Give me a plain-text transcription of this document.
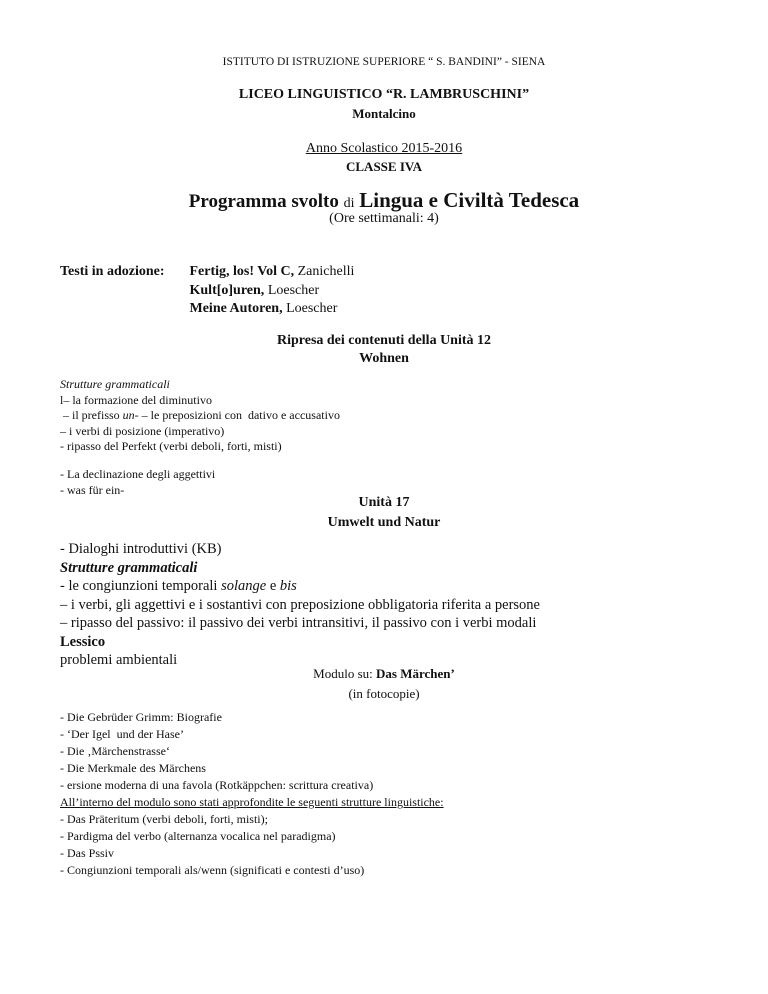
ISTITUTO DI ISTRUZIONE SUPERIORE “ S. BANDINI” - SIENA
LICEO LINGUISTICO “R. LAMBRUSCHINI”
Montalcino
Anno Scolastico 2015-2016
CLASSE IVA
Programma svolto di Lingua e Civiltà Tedesca
(Ore settimanali: 4)
Testi in adozione: Fertig, los! Vol C, Zanichelli
Kult[o]uren, Loescher
Meine Autoren, Loescher
Ripresa dei contenuti della Unità 12
Wohnen
Strutture grammaticali
l– la formazione del diminutivo
– il prefisso un- – le preposizioni con  dativo e accusativo
– i verbi di posizione (imperativo)
- ripasso del Perfekt (verbi deboli, forti, misti)
- La declinazione degli aggettivi
- was für ein-
Unità 17
Umwelt und Natur
- Dialoghi introduttivi (KB)
Strutture grammaticali
- le congiunzioni temporali solange e bis
– i verbi, gli aggettivi e i sostantivi con preposizione obbligatoria riferita a persone
– ripasso del passivo: il passivo dei verbi intransitivi, il passivo con i verbi modali
Lessico
problemi ambientali
Modulo su: Das Märchen’
(in fotocopie)
- Die Gebrüder Grimm: Biografie
- ‘Der Igel  und der Hase’
- Die ‚Märchenstrasse‘
- Die Merkmale des Märchens
- ersione moderna di una favola (Rotkäppchen: scrittura creativa)
All’interno del modulo sono stati approfondite le seguenti strutture linguistiche:
- Das Präteritum (verbi deboli, forti, misti);
- Pardigma del verbo (alternanza vocalica nel paradigma)
- Das Pssiv
- Congiunzioni temporali als/wenn (significati e contesti d’uso)
